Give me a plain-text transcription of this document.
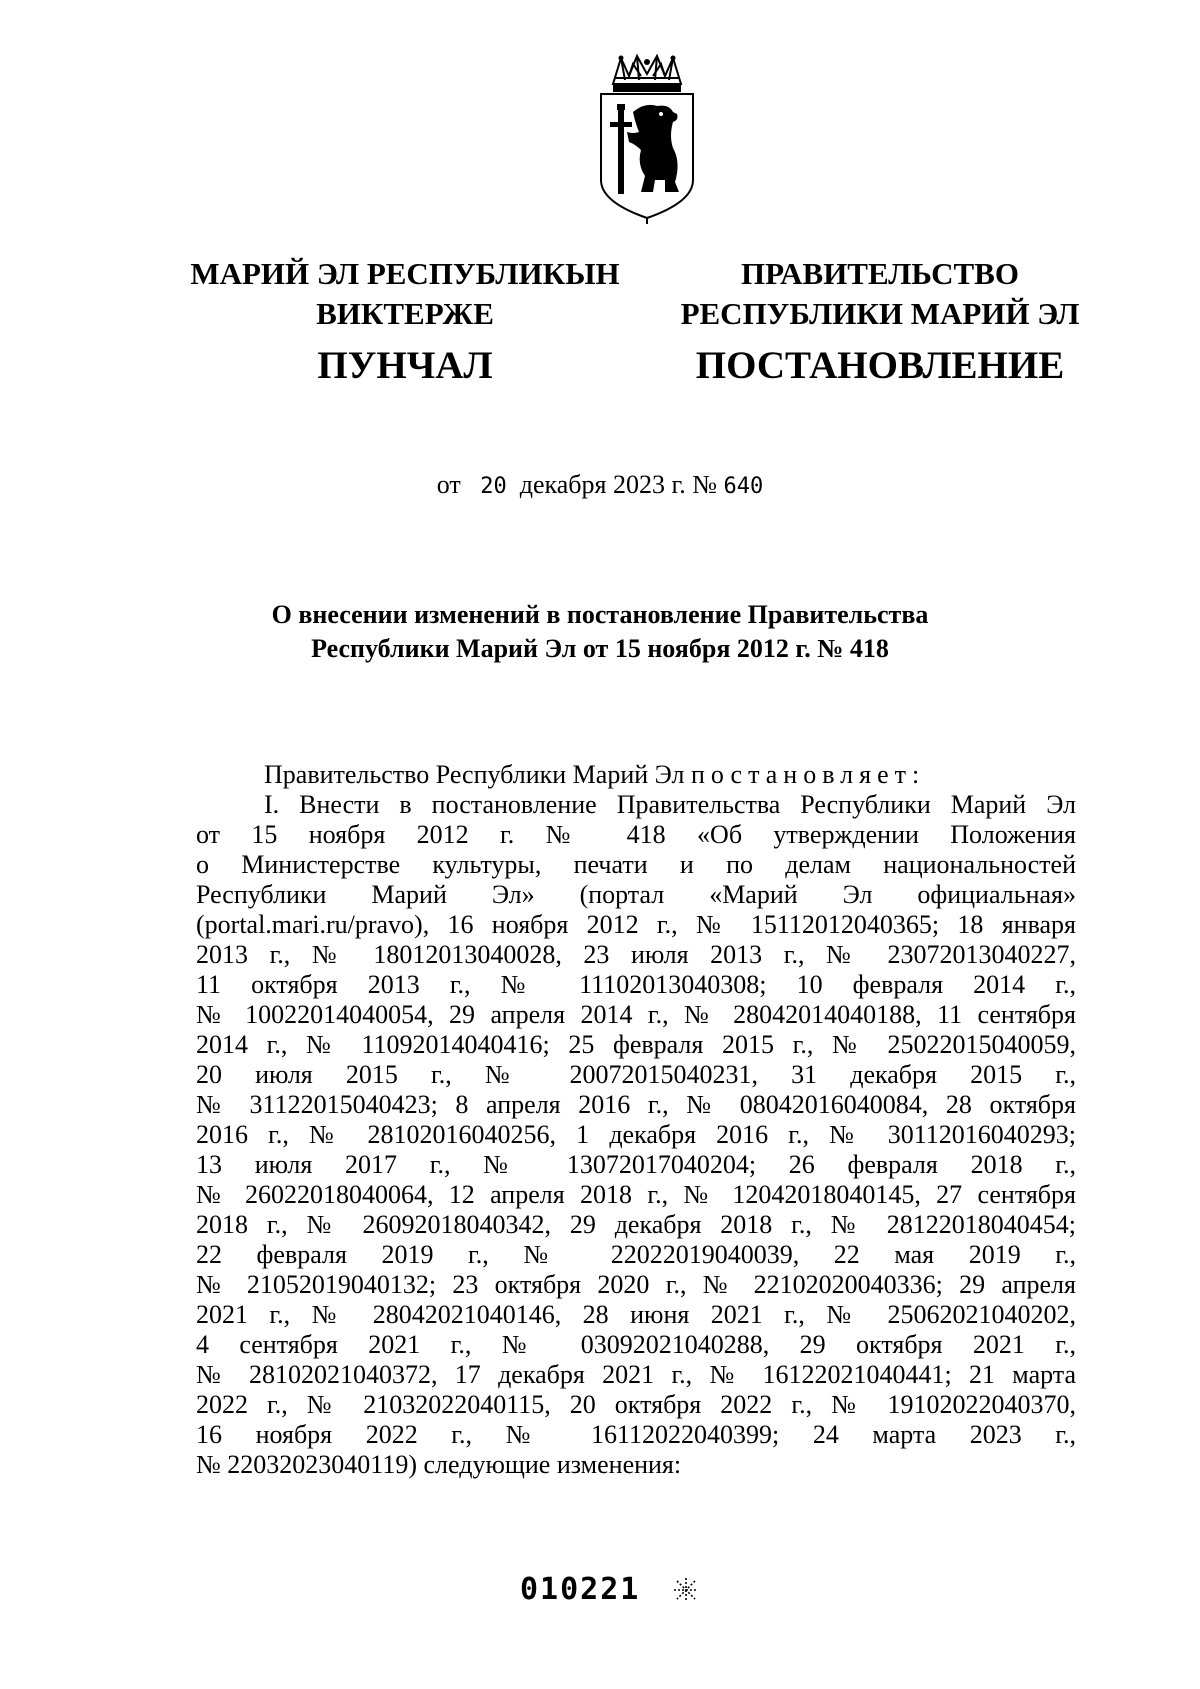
МАРИЙ ЭЛ РЕСПУБЛИКЫН
ВИКТЕРЖЕ
ПУНЧАЛ
ПРАВИТЕЛЬСТВО
РЕСПУБЛИКИ МАРИЙ ЭЛ
ПОСТАНОВЛЕНИЕ
от 20 декабря 2023 г. № 640
О внесении изменений в постановление Правительства
Республики Марий Эл от 15 ноября 2012 г. № 418
Правительство Республики Марий Эл постановляет:
I. Внести в постановление Правительства Республики Марий Эл
от 15 ноября 2012 г. № 418 «Об утверждении Положения
о Министерстве культуры, печати и по делам национальностей
Республики Марий Эл» (портал «Марий Эл официальная»
(portal.mari.ru/pravo), 16 ноября 2012 г., № 15112012040365; 18 января
2013 г., № 18012013040028, 23 июля 2013 г., № 23072013040227,
11 октября 2013 г., № 11102013040308; 10 февраля 2014 г.,
№ 10022014040054, 29 апреля 2014 г., № 28042014040188, 11 сентября
2014 г., № 11092014040416; 25 февраля 2015 г., № 25022015040059,
20 июля 2015 г., № 20072015040231, 31 декабря 2015 г.,
№ 31122015040423; 8 апреля 2016 г., № 08042016040084, 28 октября
2016 г., № 28102016040256, 1 декабря 2016 г., № 30112016040293;
13 июля 2017 г., № 13072017040204; 26 февраля 2018 г.,
№ 26022018040064, 12 апреля 2018 г., № 12042018040145, 27 сентября
2018 г., № 26092018040342, 29 декабря 2018 г., № 28122018040454;
22 февраля 2019 г., № 22022019040039, 22 мая 2019 г.,
№ 21052019040132; 23 октября 2020 г., № 22102020040336; 29 апреля
2021 г., № 28042021040146, 28 июня 2021 г., № 25062021040202,
4 сентября 2021 г., № 03092021040288, 29 октября 2021 г.,
№ 28102021040372, 17 декабря 2021 г., № 16122021040441; 21 марта
2022 г., № 21032022040115, 20 октября 2022 г., № 19102022040370,
16 ноября 2022 г., № 16112022040399; 24 марта 2023 г.,
№ 22032023040119) следующие изменения:
010221
